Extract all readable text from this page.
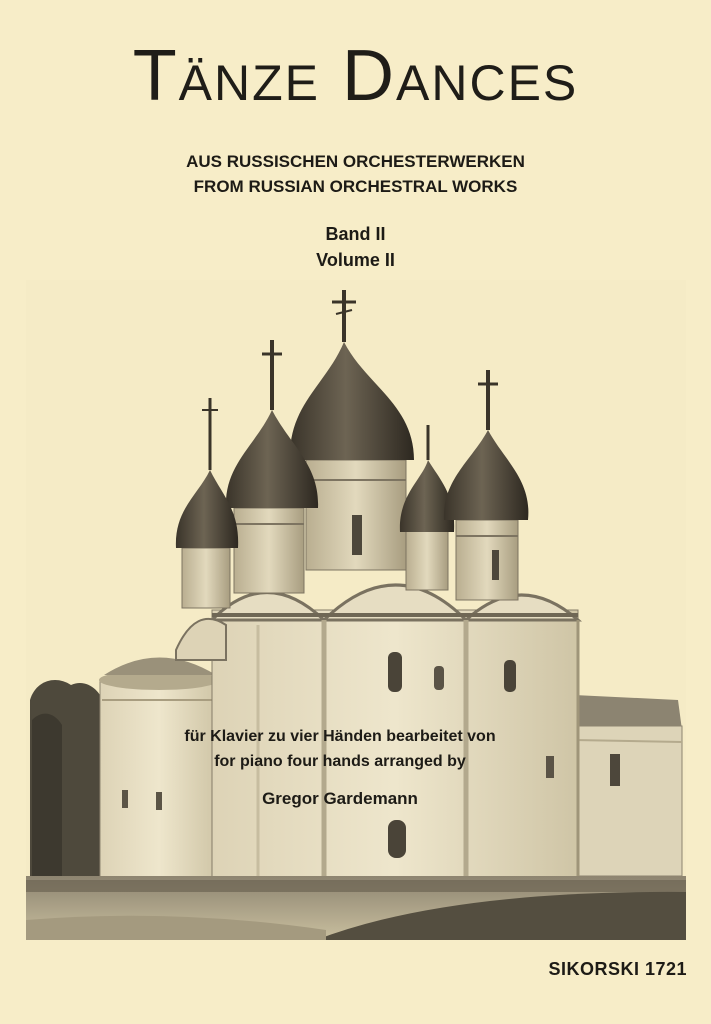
Tänze Dances
AUS RUSSISCHEN ORCHESTERWERKEN
FROM RUSSIAN ORCHESTRAL WORKS
Band II
Volume II
für Klavier zu vier Händen bearbeitet von
for piano four hands arranged by
Gregor Gardemann
SIKORSKI 1721
